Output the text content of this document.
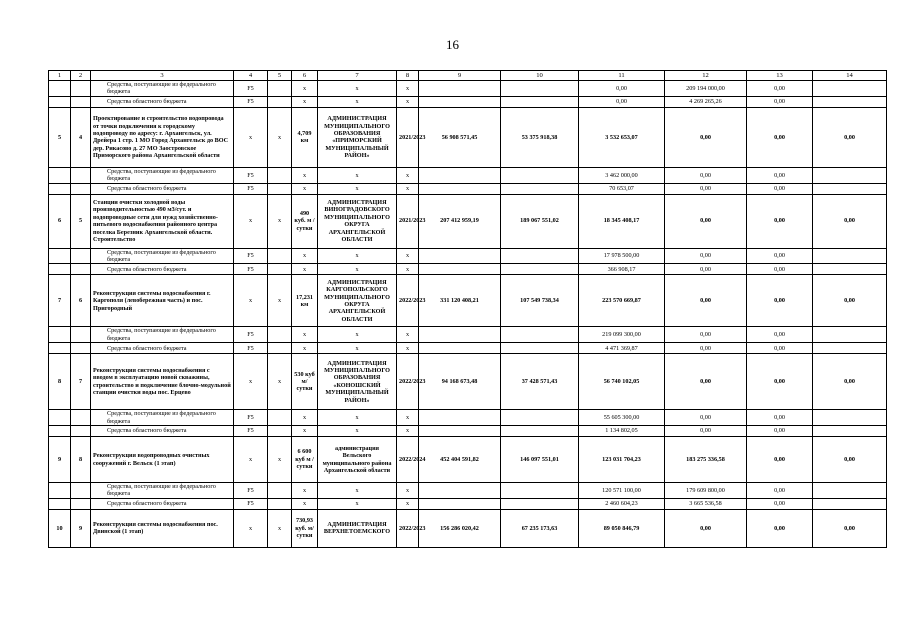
16
1	2	3	4	5	6	7	8	9	10	11	12	13	14
		Средства, поступающие из федерального бюджета	F5		x	x	x			0,00	209 194 000,00	0,00	
		Средства областного бюджета	F5		x	x	x			0,00	4 269 265,26	0,00	
5	4	Проектирование и строительство водопровода от точки подключения к городскому водопроводу по адресу: г. Архангельск, ул. Дрейера 1 стр. 1 МО Город Архангельск до ВОС дер. Рикасово д. 27 МО Заостровское Приморского района Архангельской области	x	x	4,709 км	АДМИНИСТРАЦИЯ МУНИЦИПАЛЬНОГО ОБРАЗОВАНИЯ «ПРИМОРСКИЙ МУНИЦИПАЛЬНЫЙ РАЙОН»	2021/2023	56 908 571,45	53 375 918,38	3 532 653,07	0,00	0,00	0,00
		Средства, поступающие из федерального бюджета	F5		x	x	x			3 462 000,00	0,00	0,00	
		Средства областного бюджета	F5		x	x	x			70 653,07	0,00	0,00	
6	5	Станции очистки холодной воды производительностью 490 м3/сут. и водопроводные сети для нужд хозяйственно-питьевого водоснабжения районного центра поселка Березник Архангельской области. Строительство	x	x	490 куб. м / сутки	АДМИНИСТРАЦИЯ ВИНОГРАДОВСКОГО МУНИЦИПАЛЬНОГО ОКРУГА АРХАНГЕЛЬСКОЙ ОБЛАСТИ	2021/2023	207 412 959,19	189 067 551,02	18 345 408,17	0,00	0,00	0,00
		Средства, поступающие из федерального бюджета	F5		x	x	x			17 978 500,00	0,00	0,00	
		Средства областного бюджета	F5		x	x	x			366 908,17	0,00	0,00	
7	6	Реконструкция системы водоснабжения г. Каргополя (левобережная часть) и пос. Пригородный	x	x	17,231 км	АДМИНИСТРАЦИЯ КАРГОПОЛЬСКОГО МУНИЦИПАЛЬНОГО ОКРУГА АРХАНГЕЛЬСКОЙ ОБЛАСТИ	2022/2023	331 120 408,21	107 549 738,34	223 570 669,87	0,00	0,00	0,00
		Средства, поступающие из федерального бюджета	F5		x	x	x			219 099 300,00	0,00	0,00	
		Средства областного бюджета	F5		x	x	x			4 471 369,87	0,00	0,00	
8	7	Реконструкция системы водоснабжения с вводом в эксплуатацию новой скважины, строительство и подключение блочно-модульной станции очистки воды пос. Ерцево	x	x	530 куб м/сутки	АДМИНИСТРАЦИЯ МУНИЦИПАЛЬНОГО ОБРАЗОВАНИЯ «КОНОШСКИЙ МУНИЦИПАЛЬНЫЙ РАЙОН»	2022/2023	94 168 673,48	37 428 571,43	56 740 102,05	0,00	0,00	0,00
		Средства, поступающие из федерального бюджета	F5		x	x	x			55 605 300,00	0,00	0,00	
		Средства областного бюджета	F5		x	x	x			1 134 802,05	0,00	0,00	
9	8	Реконструкция водопроводных очистных сооружений г. Вельск (1 этап)	x	x	6 600 куб м / сутки	администрация Вельского муниципального района Архангельской области	2022/2024	452 404 591,82	146 097 551,01	123 031 704,23	183 275 336,58	0,00	0,00
		Средства, поступающие из федерального бюджета	F5		x	x	x			120 571 100,00	179 609 800,00	0,00	
		Средства областного бюджета	F5		x	x	x			2 460 604,23	3 665 536,58	0,00	
10	9	Реконструкция системы водоснабжения пос. Двинской (1 этап)	x	x	730,93 куб. м/сутки	АДМИНИСТРАЦИЯ ВЕРХНЕТОЕМСКОГО	2022/2023	156 286 020,42	67 235 173,63	89 050 846,79	0,00	0,00	0,00
